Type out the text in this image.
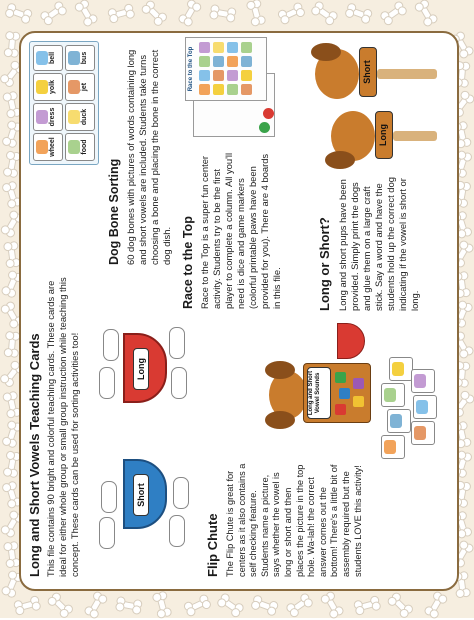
Long and Short Vowels Teaching Cards This file contains 90 bright and colorful teaching cards. These cards are ideal for either whole group or small group instruction while teaching this concept. These cards can be used for sorting activities too!	Short
Long
Flip Chute The Flip Chute is great for centers as it also contains a self checking feature. Students name a picture, says whether the vowel is long or short and then places the picture in the top hole. Wa-lah! the correct answer comes out the bottom! There's a little bit of assembly required but the students LOVE this activity!

Long and Short Vowel Sounds
wheel
dress
yolk
bell
food
duck
jet
bus
Dog Bone Sorting 60 dog bones with pictures of words containing long and short vowels are included. Students take turns choosing a bone and placing the bone in the correct dog dish. Race to the Top Race to the Top is a super fun center activity. Students try to be the first player to complete a column. All you'll need is dice and game markers (colorful printable paws have been provided for you). There are 4 boards in this file.

Race to the Top
Long or Short? Long and short pups have been provided. Simply print the dogs and glue them on a large craft stick. Say a word and have the students hold up the correct dog indicating if the vowel is short or long.

Long
Short
